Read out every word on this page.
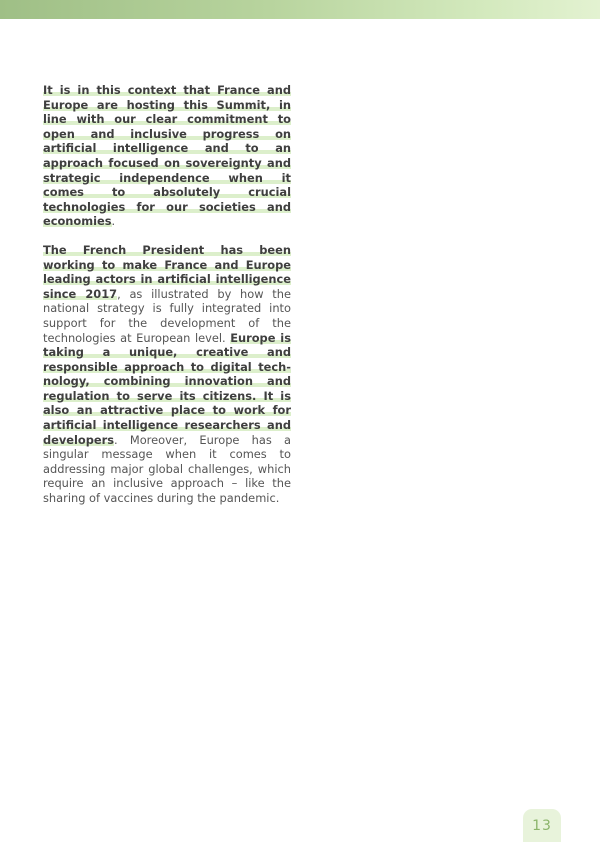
It is in this context that France and Europe are hosting this Summit, in line with our clear commitment to open and inclusive progress on artificial intelligence and to an approach focused on sovereignty and strategic independence when it comes to absolutely crucial technologies for our societies and economies.

The French President has been working to make France and Europe leading actors in artificial intelligence since 2017, as illustrated by how the national strategy is fully integrated into support for the development of the technologies at European level. Europe is taking a unique, creative and responsible approach to digital technology, combining innovation and regulation to serve its citizens. It is also an attractive place to work for artificial intelligence researchers and developers. Moreover, Europe has a singular message when it comes to addressing major global challenges, which require an inclusive approach – like the sharing of vaccines during the pandemic.

13
